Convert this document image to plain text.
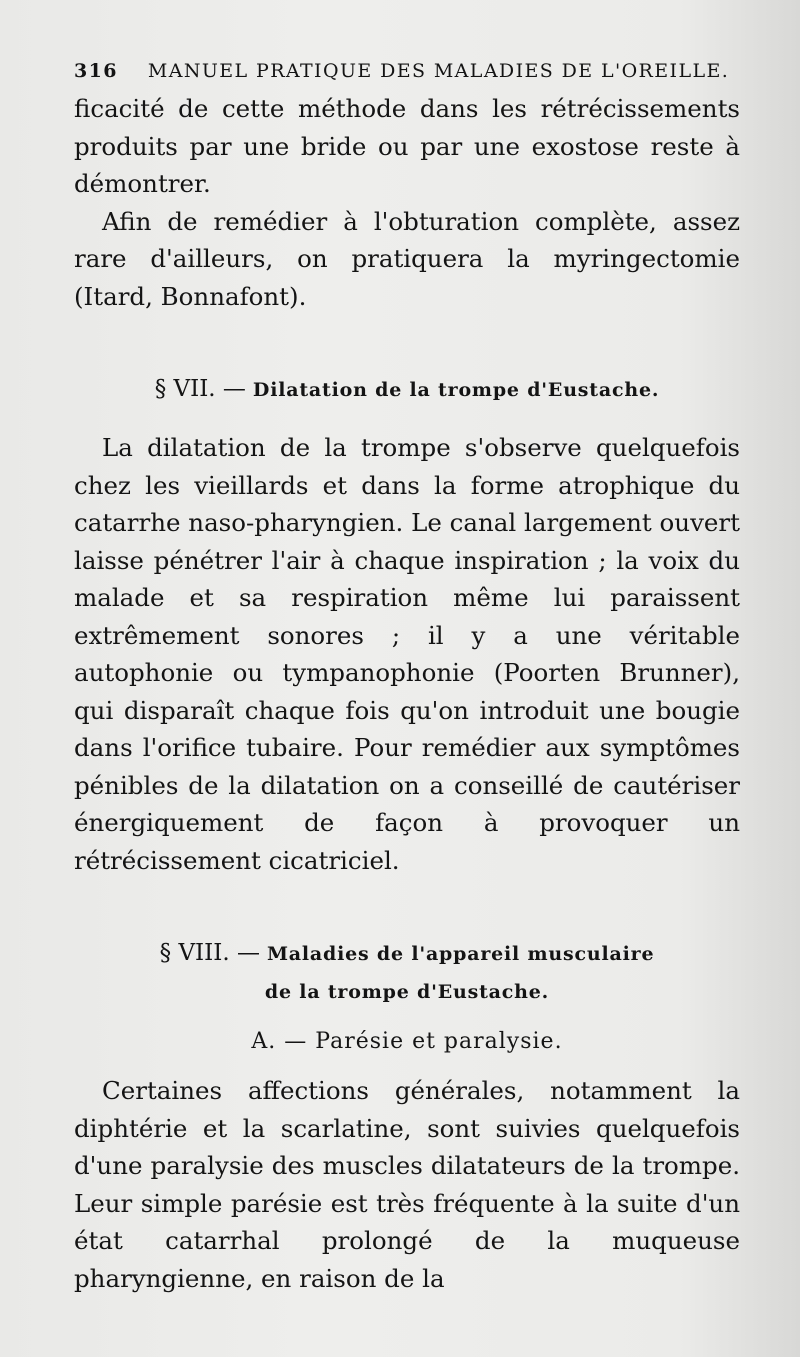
316 MANUEL PRATIQUE DES MALADIES DE L'OREILLE.

ficacité de cette méthode dans les rétrécissements produits par une bride ou par une exostose reste à démontrer.

Afin de remédier à l'obturation complète, assez rare d'ailleurs, on pratiquera la myringectomie (Itard, Bonnafont).

§ VII. — Dilatation de la trompe d'Eustache.

La dilatation de la trompe s'observe quelquefois chez les vieillards et dans la forme atrophique du catarrhe naso-pharyngien. Le canal largement ouvert laisse pénétrer l'air à chaque inspiration ; la voix du malade et sa respiration même lui paraissent extrêmement sonores ; il y a une véritable autophonie ou tympanophonie (Poorten Brunner), qui disparaît chaque fois qu'on introduit une bougie dans l'orifice tubaire. Pour remédier aux symptômes pénibles de la dilatation on a conseillé de cautériser énergiquement de façon à provoquer un rétrécissement cicatriciel.

§ VIII. — Maladies de l'appareil musculaire
de la trompe d'Eustache.
A. — Parésie et paralysie.

Certaines affections générales, notamment la diphtérie et la scarlatine, sont suivies quelquefois d'une paralysie des muscles dilatateurs de la trompe. Leur simple parésie est très fréquente à la suite d'un état catarrhal prolongé de la muqueuse pharyngienne, en raison de la
